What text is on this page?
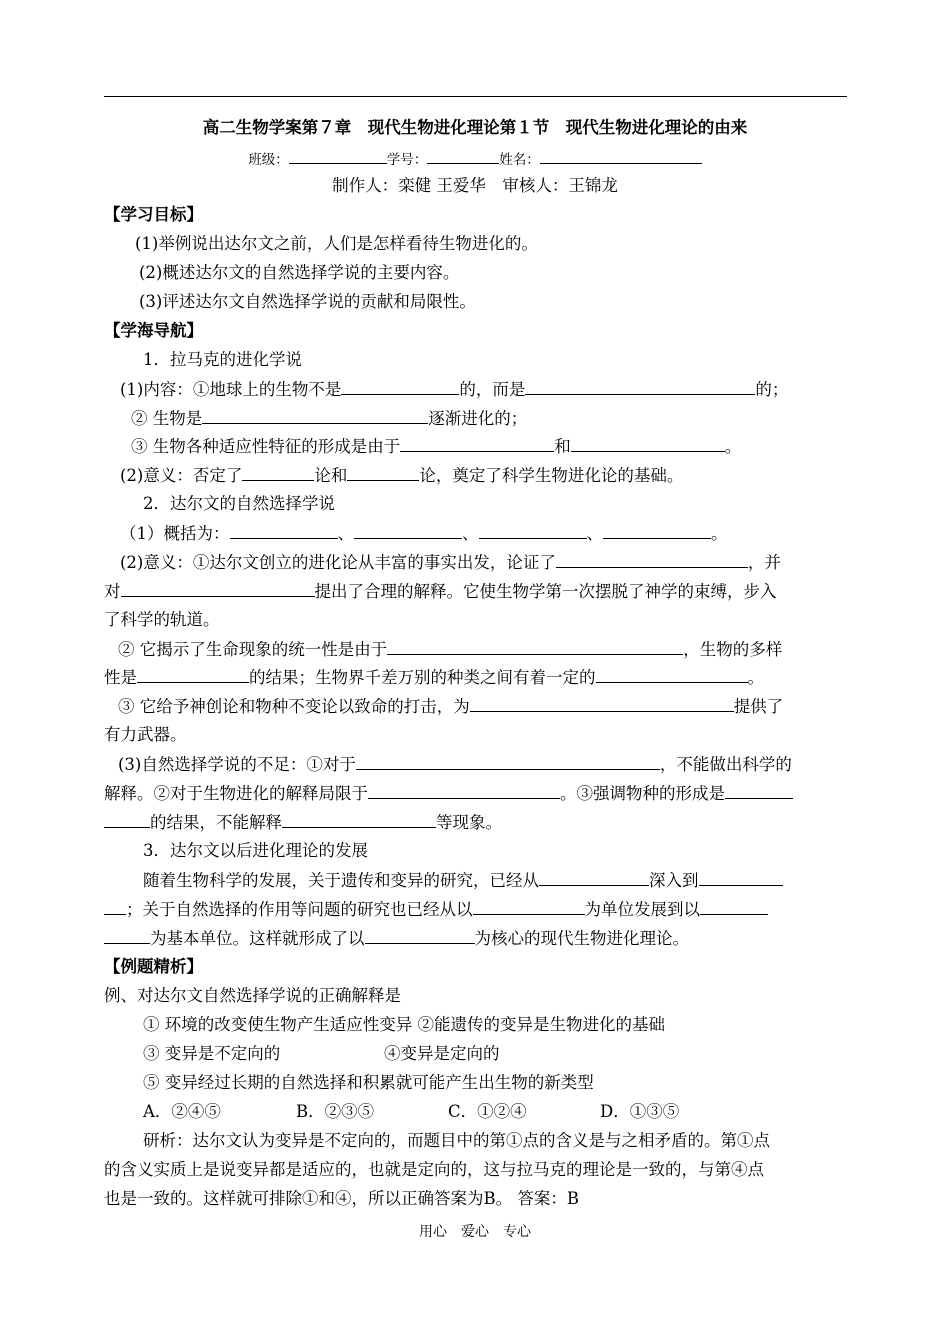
高二生物学案第７章　现代生物进化理论第１节　现代生物进化理论的由来
班级：	学号：	姓名：
制作人：栾健 王爱华　审核人：王锦龙
【学习目标】
(1)举例说出达尔文之前，人们是怎样看待生物进化的。
(2)概述达尔文的自然选择学说的主要内容。
(3)评述达尔文自然选择学说的贡献和局限性。
【学海导航】
1．拉马克的进化学说
(1)内容：①地球上的生物不是	的，而是	的；
② 生物是	逐渐进化的；
③ 生物各种适应性特征的形成是由于	和	。
(2)意义：否定了	论和	论，奠定了科学生物进化论的基础。
2．达尔文的自然选择学说
（1）概括为：	、	、	、	。
(2)意义：①达尔文创立的进化论从丰富的事实出发，论证了	，并
对	提出了合理的解释。它使生物学第一次摆脱了神学的束缚，步入
了科学的轨道。
② 它揭示了生命现象的统一性是由于	，生物的多样
性是	的结果；生物界千差万别的种类之间有着一定的	。
③ 它给予神创论和物种不变论以致命的打击，为	提供了
有力武器。
(3)自然选择学说的不足：①对于	，不能做出科学的
解释。②对于生物进化的解释局限于	。③强调物种的形成是
的结果，不能解释	等现象。
3．达尔文以后进化理论的发展
随着生物科学的发展，关于遗传和变异的研究，已经从	深入到
；关于自然选择的作用等问题的研究也已经从以	为单位发展到以
为基本单位。这样就形成了以	为核心的现代生物进化理论。
【例题精析】
例、对达尔文自然选择学说的正确解释是
① 环境的改变使生物产生适应性变异 ②能遗传的变异是生物进化的基础
③ 变异是不定向的	④变异是定向的
⑤ 变异经过长期的自然选择和积累就可能产生出生物的新类型
A．②④⑤	B．②③⑤	C．①②④	D．①③⑤
研析：达尔文认为变异是不定向的，而题目中的第①点的含义是与之相矛盾的。第①点
的含义实质上是说变异都是适应的，也就是定向的，这与拉马克的理论是一致的，与第④点
也是一致的。这样就可排除①和④，所以正确答案为B。 答案：B
用心　爱心　专心
